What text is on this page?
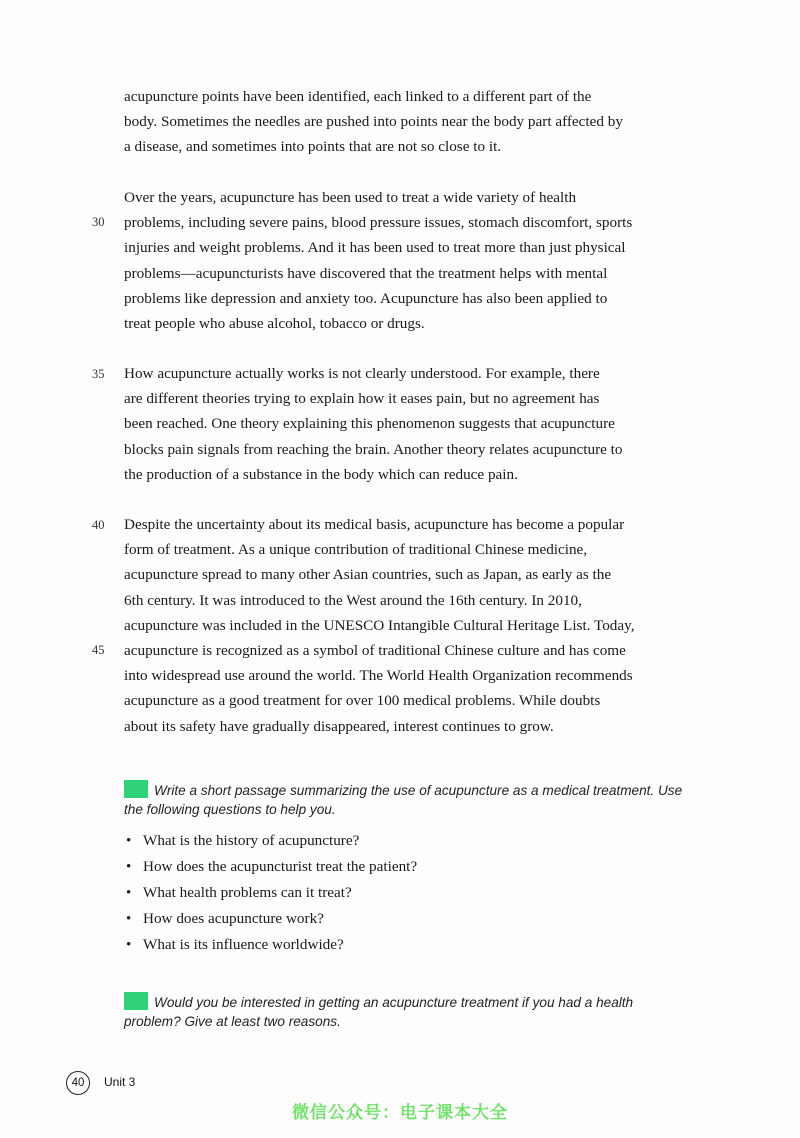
acupuncture points have been identified, each linked to a different part of the
body. Sometimes the needles are pushed into points near the body part affected by
a disease, and sometimes into points that are not so close to it.

Over the years, acupuncture has been used to treat a wide variety of health
problems, including severe pains, blood pressure issues, stomach discomfort, sports
injuries and weight problems. And it has been used to treat more than just physical
problems—acupuncturists have discovered that the treatment helps with mental
problems like depression and anxiety too. Acupuncture has also been applied to
treat people who abuse alcohol, tobacco or drugs.

How acupuncture actually works is not clearly understood. For example, there
are different theories trying to explain how it eases pain, but no agreement has
been reached. One theory explaining this phenomenon suggests that acupuncture
blocks pain signals from reaching the brain. Another theory relates acupuncture to
the production of a substance in the body which can reduce pain.

Despite the uncertainty about its medical basis, acupuncture has become a popular
form of treatment. As a unique contribution of traditional Chinese medicine,
acupuncture spread to many other Asian countries, such as Japan, as early as the
6th century. It was introduced to the West around the 16th century. In 2010,
acupuncture was included in the UNESCO Intangible Cultural Heritage List. Today,
acupuncture is recognized as a symbol of traditional Chinese culture and has come
into widespread use around the world. The World Health Organization recommends
acupuncture as a good treatment for over 100 medical problems. While doubts
about its safety have gradually disappeared, interest continues to grow.

30
35
40
45
Write a short passage summarizing the use of acupuncture as a medical treatment. Use
the following questions to help you.
• What is the history of acupuncture?
• How does the acupuncturist treat the patient?
• What health problems can it treat?
• How does acupuncture work?
• What is its influence worldwide?
Would you be interested in getting an acupuncture treatment if you had a health
problem? Give at least two reasons.
40	Unit 3
微信公众号：电子课本大全
